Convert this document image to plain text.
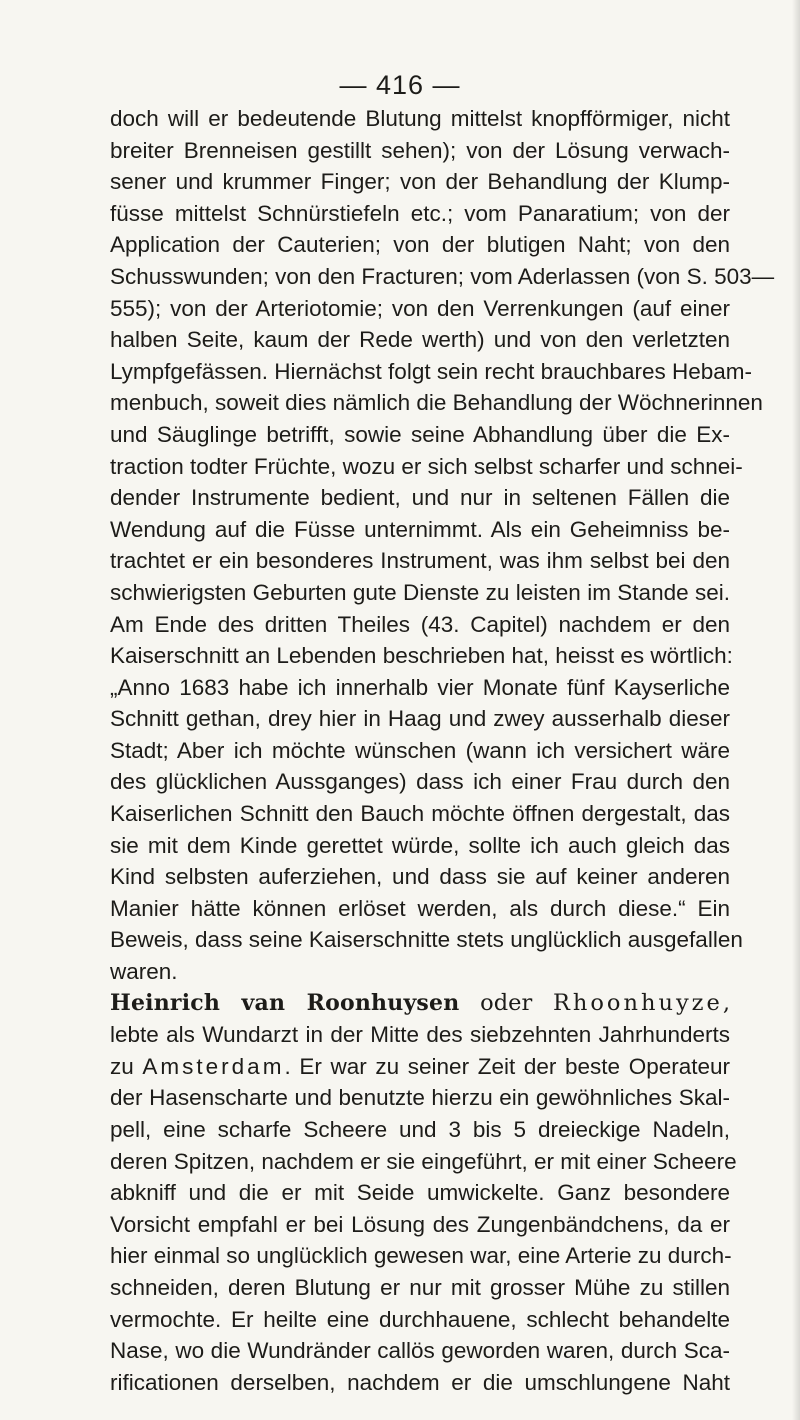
— 416 —
doch will er bedeutende Blutung mittelst knopfförmiger, nicht
breiter Brenneisen gestillt sehen); von der Lösung verwach-
sener und krummer Finger; von der Behandlung der Klump-
füsse mittelst Schnürstiefeln etc.; vom Panaratium; von der
Application der Cauterien; von der blutigen Naht; von den
Schusswunden; von den Fracturen; vom Aderlassen (von S. 503—
555); von der Arteriotomie; von den Verrenkungen (auf einer
halben Seite, kaum der Rede werth) und von den verletzten
Lympfgefässen. Hiernächst folgt sein recht brauchbares Hebam-
menbuch, soweit dies nämlich die Behandlung der Wöchnerinnen
und Säuglinge betrifft, sowie seine Abhandlung über die Ex-
traction todter Früchte, wozu er sich selbst scharfer und schnei-
dender Instrumente bedient, und nur in seltenen Fällen die
Wendung auf die Füsse unternimmt. Als ein Geheimniss be-
trachtet er ein besonderes Instrument, was ihm selbst bei den
schwierigsten Geburten gute Dienste zu leisten im Stande sei.
Am Ende des dritten Theiles (43. Capitel) nachdem er den
Kaiserschnitt an Lebenden beschrieben hat, heisst es wörtlich:
„Anno 1683 habe ich innerhalb vier Monate fünf Kayserliche
Schnitt gethan, drey hier in Haag und zwey ausserhalb dieser
Stadt; Aber ich möchte wünschen (wann ich versichert wäre
des glücklichen Aussganges) dass ich einer Frau durch den
Kaiserlichen Schnitt den Bauch möchte öffnen dergestalt, das
sie mit dem Kinde gerettet würde, sollte ich auch gleich das
Kind selbsten auferziehen, und dass sie auf keiner anderen
Manier hätte können erlöset werden, als durch diese.“ Ein
Beweis, dass seine Kaiserschnitte stets unglücklich ausgefallen
waren.
Heinrich van Roonhuysen oder Rhoonhuyze,
lebte als Wundarzt in der Mitte des siebzehnten Jahrhunderts
zu Amsterdam. Er war zu seiner Zeit der beste Operateur
der Hasenscharte und benutzte hierzu ein gewöhnliches Skal-
pell, eine scharfe Scheere und 3 bis 5 dreieckige Nadeln,
deren Spitzen, nachdem er sie eingeführt, er mit einer Scheere
abkniff und die er mit Seide umwickelte. Ganz besondere
Vorsicht empfahl er bei Lösung des Zungenbändchens, da er
hier einmal so unglücklich gewesen war, eine Arterie zu durch-
schneiden, deren Blutung er nur mit grosser Mühe zu stillen
vermochte. Er heilte eine durchhauene, schlecht behandelte
Nase, wo die Wundränder callös geworden waren, durch Sca-
rificationen derselben, nachdem er die umschlungene Naht
